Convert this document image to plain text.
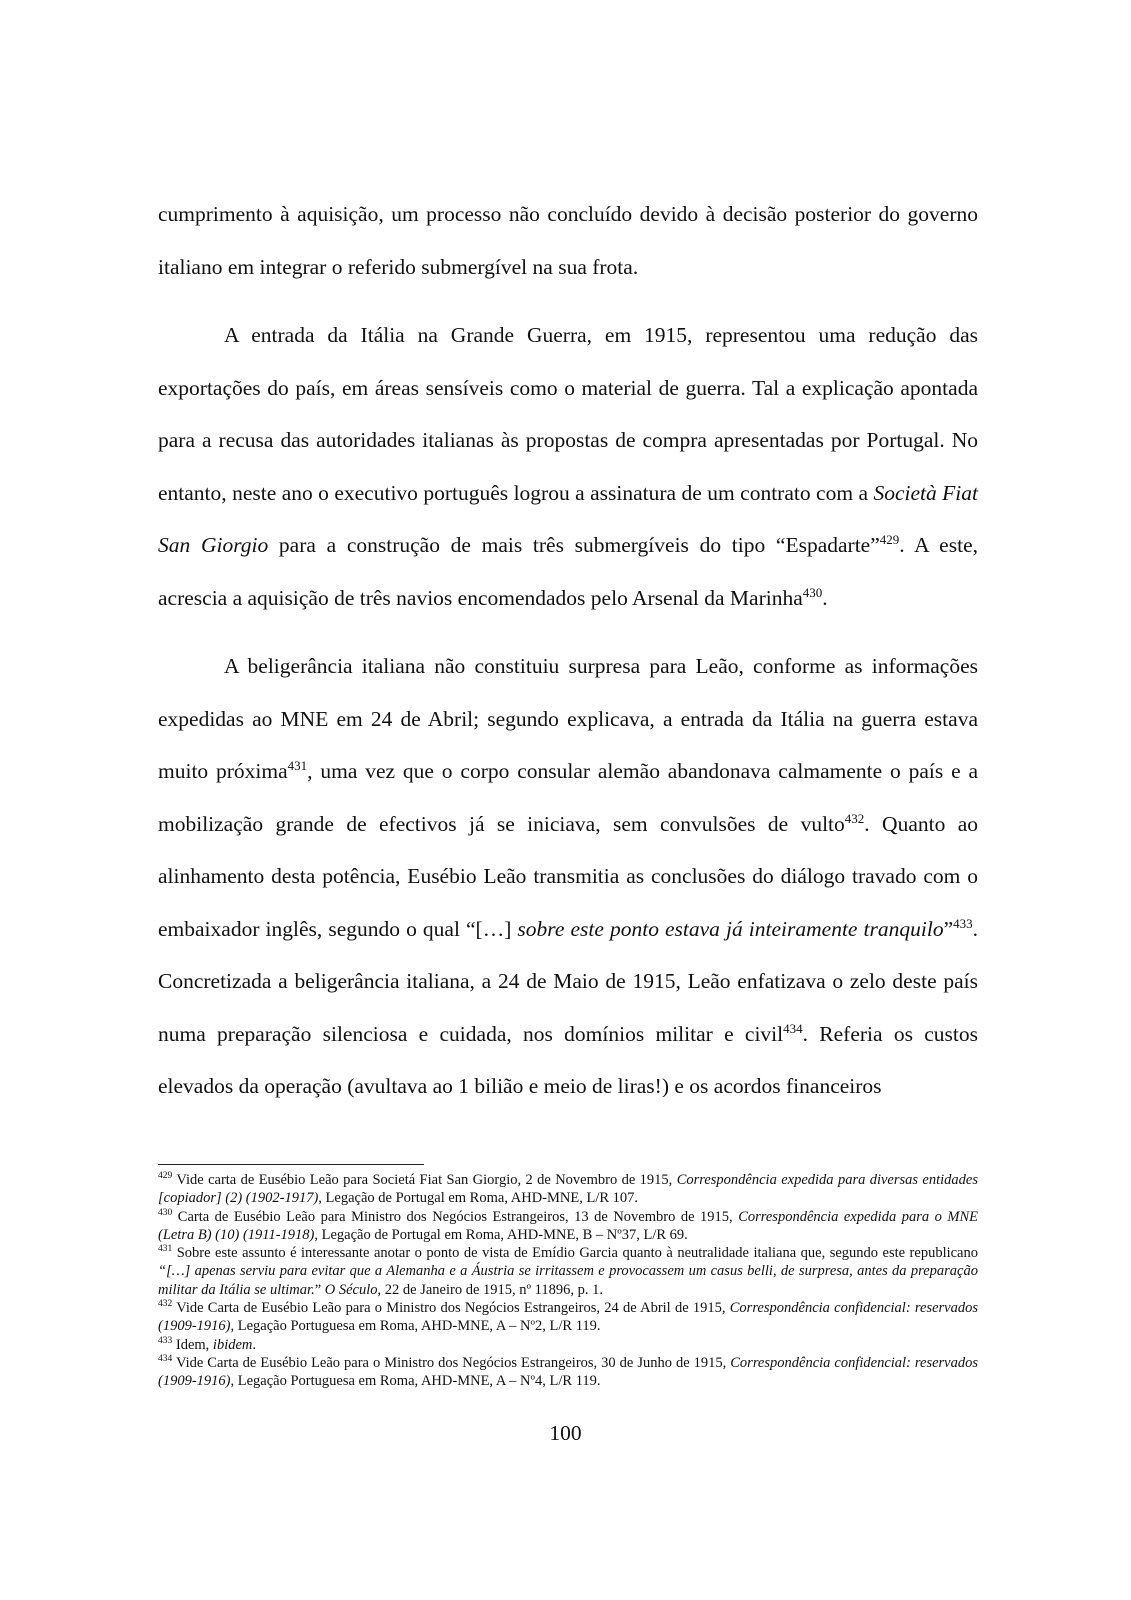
cumprimento à aquisição, um processo não concluído devido à decisão posterior do governo italiano em integrar o referido submergível na sua frota.

A entrada da Itália na Grande Guerra, em 1915, representou uma redução das exportações do país, em áreas sensíveis como o material de guerra. Tal a explicação apontada para a recusa das autoridades italianas às propostas de compra apresentadas por Portugal. No entanto, neste ano o executivo português logrou a assinatura de um contrato com a Società Fiat San Giorgio para a construção de mais três submergíveis do tipo “Espadarte”$^{429}$. A este, acrescia a aquisição de três navios encomendados pelo Arsenal da Marinha$^{430}$.

A beligerância italiana não constituiu surpresa para Leão, conforme as informações expedidas ao MNE em 24 de Abril; segundo explicava, a entrada da Itália na guerra estava muito próxima$^{431}$, uma vez que o corpo consular alemão abandonava calmamente o país e a mobilização grande de efectivos já se iniciava, sem convulsões de vulto$^{432}$. Quanto ao alinhamento desta potência, Eusébio Leão transmitia as conclusões do diálogo travado com o embaixador inglês, segundo o qual “[…] sobre este ponto estava já inteiramente tranquilo”$^{433}$. Concretizada a beligerância italiana, a 24 de Maio de 1915, Leão enfatizava o zelo deste país numa preparação silenciosa e cuidada, nos domínios militar e civil$^{434}$. Referia os custos elevados da operação (avultava ao 1 bilião e meio de liras!) e os acordos financeiros

$^{429}$ Vide carta de Eusébio Leão para Societá Fiat San Giorgio, 2 de Novembro de 1915, Correspondência expedida para diversas entidades [copiador] (2) (1902-1917), Legação de Portugal em Roma, AHD-MNE, L/R 107.

$^{430}$ Carta de Eusébio Leão para Ministro dos Negócios Estrangeiros, 13 de Novembro de 1915, Correspondência expedida para o MNE (Letra B) (10) (1911-1918), Legação de Portugal em Roma, AHD-MNE, B – Nº37, L/R 69.

$^{431}$ Sobre este assunto é interessante anotar o ponto de vista de Emídio Garcia quanto à neutralidade italiana que, segundo este republicano “[…] apenas serviu para evitar que a Alemanha e a Áustria se irritassem e provocassem um casus belli, de surpresa, antes da preparação militar da Itália se ultimar.” O Século, 22 de Janeiro de 1915, nº 11896, p. 1.

$^{432}$ Vide Carta de Eusébio Leão para o Ministro dos Negócios Estrangeiros, 24 de Abril de 1915, Correspondência confidencial: reservados (1909-1916), Legação Portuguesa em Roma, AHD-MNE, A – Nº2, L/R 119.

$^{433}$ Idem, ibidem.

$^{434}$ Vide Carta de Eusébio Leão para o Ministro dos Negócios Estrangeiros, 30 de Junho de 1915, Correspondência confidencial: reservados (1909-1916), Legação Portuguesa em Roma, AHD-MNE, A – Nº4, L/R 119.

100
